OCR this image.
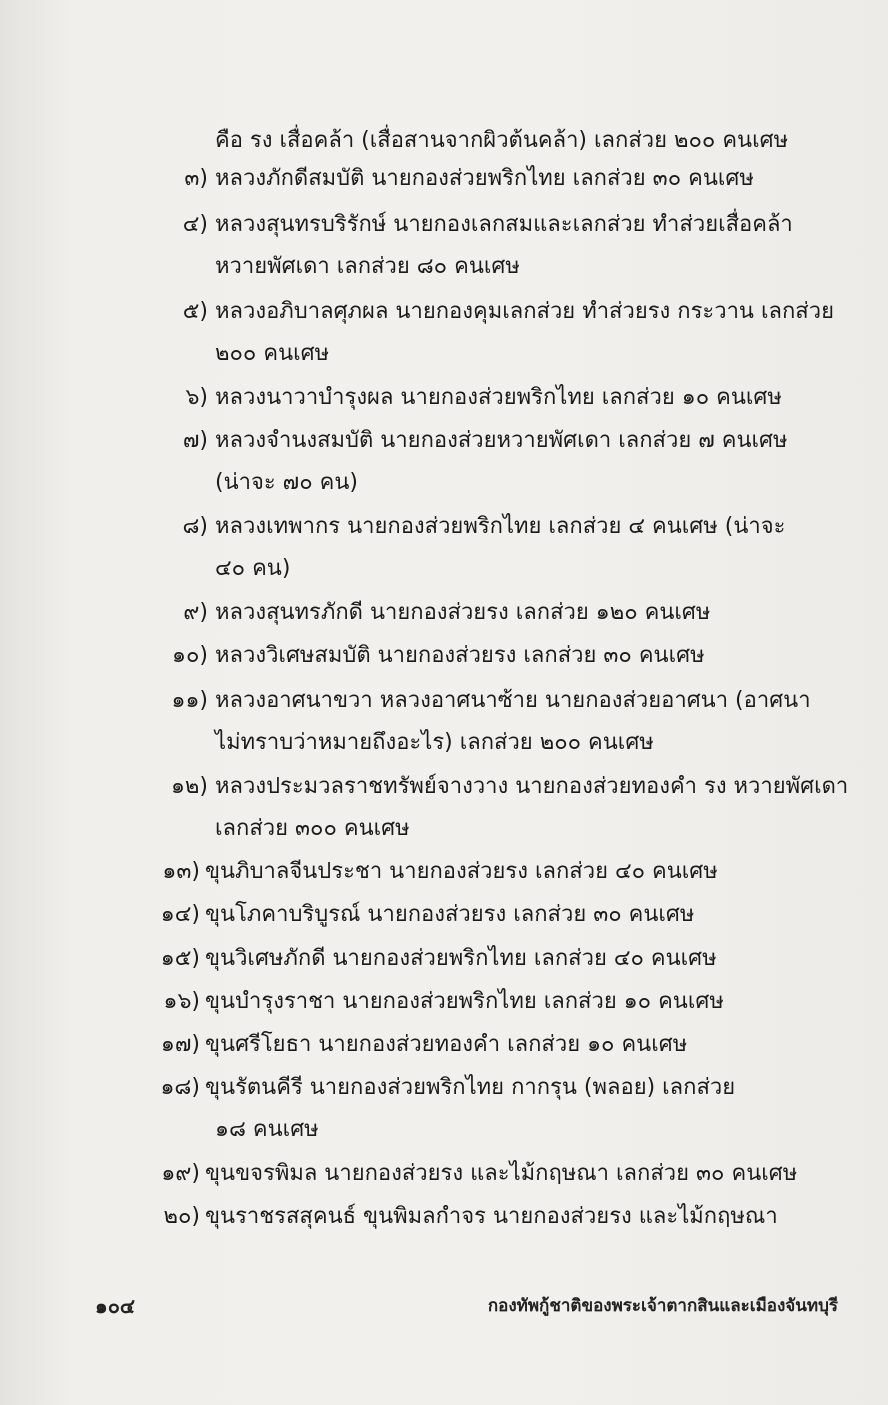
คือ รง เสื่อคล้า (เสื่อสานจากผิวต้นคล้า) เลกส่วย ๒๐๐ คนเศษ
๓) หลวงภักดีสมบัติ นายกองส่วยพริกไทย เลกส่วย ๓๐ คนเศษ
๔) หลวงสุนทรบริรักษ์ นายกองเลกสมและเลกส่วย ทำส่วยเสื่อคล้า
หวายพัศเดา เลกส่วย ๘๐ คนเศษ
๕) หลวงอภิบาลศุภผล นายกองคุมเลกส่วย ทำส่วยรง กระวาน เลกส่วย
๒๐๐ คนเศษ
๖) หลวงนาวาบำรุงผล นายกองส่วยพริกไทย เลกส่วย ๑๐ คนเศษ
๗) หลวงจำนงสมบัติ นายกองส่วยหวายพัศเดา เลกส่วย ๗ คนเศษ
(น่าจะ ๗๐ คน)
๘) หลวงเทพากร นายกองส่วยพริกไทย เลกส่วย ๔ คนเศษ (น่าจะ
๔๐ คน)
๙) หลวงสุนทรภักดี นายกองส่วยรง เลกส่วย ๑๒๐ คนเศษ
๑๐) หลวงวิเศษสมบัติ นายกองส่วยรง เลกส่วย ๓๐ คนเศษ
๑๑) หลวงอาศนาขวา หลวงอาศนาซ้าย นายกองส่วยอาศนา (อาศนา
ไม่ทราบว่าหมายถึงอะไร) เลกส่วย ๒๐๐ คนเศษ
๑๒) หลวงประมวลราชทรัพย์จางวาง นายกองส่วยทองคำ รง หวายพัศเดา
เลกส่วย ๓๐๐ คนเศษ
๑๓) ขุนภิบาลจีนประชา นายกองส่วยรง เลกส่วย ๔๐ คนเศษ
๑๔) ขุนโภคาบริบูรณ์ นายกองส่วยรง เลกส่วย ๓๐ คนเศษ
๑๕) ขุนวิเศษภักดี นายกองส่วยพริกไทย เลกส่วย ๔๐ คนเศษ
๑๖) ขุนบำรุงราชา นายกองส่วยพริกไทย เลกส่วย ๑๐ คนเศษ
๑๗) ขุนศรีโยธา นายกองส่วยทองคำ เลกส่วย ๑๐ คนเศษ
๑๘) ขุนรัตนคีรี นายกองส่วยพริกไทย กากรุน (พลอย) เลกส่วย
๑๘ คนเศษ
๑๙) ขุนขจรพิมล นายกองส่วยรง และไม้กฤษณา เลกส่วย ๓๐ คนเศษ
๒๐) ขุนราชรสสุคนธ์ ขุนพิมลกำจร นายกองส่วยรง และไม้กฤษณา
๑๐๔	กองทัพกู้ชาติของพระเจ้าตากสินและเมืองจันทบุรี
